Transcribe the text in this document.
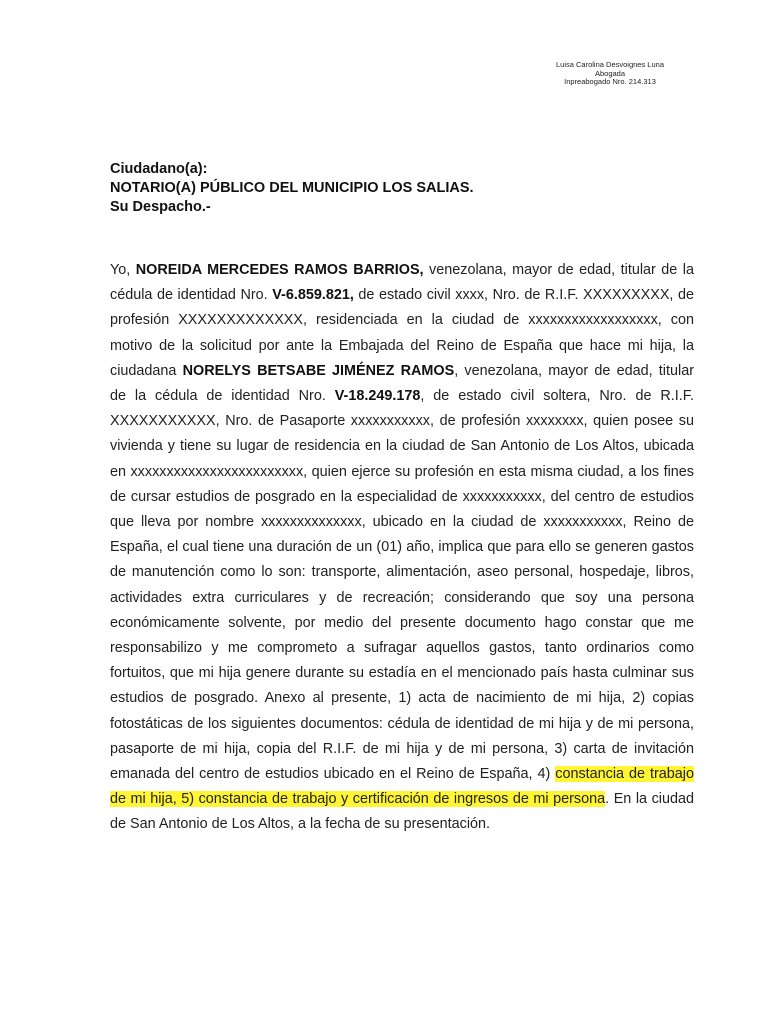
Luisa Carolina Desvoignes Luna
Abogada
Inpreabogado Nro. 214.313
Ciudadano(a):
NOTARIO(A) PÚBLICO DEL MUNICIPIO LOS SALIAS.
Su Despacho.-

Yo, NOREIDA MERCEDES RAMOS BARRIOS, venezolana, mayor de edad, titular de la cédula de identidad Nro. V-6.859.821, de estado civil xxxx, Nro. de R.I.F. XXXXXXXXX, de profesión XXXXXXXXXXXXX, residenciada en la ciudad de xxxxxxxxxxxxxxxxxx, con motivo de la solicitud por ante la Embajada del Reino de España que hace mi hija, la ciudadana NORELYS BETSABE JIMÉNEZ RAMOS, venezolana, mayor de edad, titular de la cédula de identidad Nro. V-18.249.178, de estado civil soltera, Nro. de R.I.F. XXXXXXXXXXX, Nro. de Pasaporte xxxxxxxxxxx, de profesión xxxxxxxx, quien posee su vivienda y tiene su lugar de residencia en la ciudad de San Antonio de Los Altos, ubicada en xxxxxxxxxxxxxxxxxxxxxxxx, quien ejerce su profesión en esta misma ciudad, a los fines de cursar estudios de posgrado en la especialidad de xxxxxxxxxxx, del centro de estudios que lleva por nombre xxxxxxxxxxxxxx, ubicado en la ciudad de xxxxxxxxxxx, Reino de España, el cual tiene una duración de un (01) año, implica que para ello se generen gastos de manutención como lo son: transporte, alimentación, aseo personal, hospedaje, libros, actividades extra curriculares y de recreación; considerando que soy una persona económicamente solvente, por medio del presente documento hago constar que me responsabilizo y me comprometo a sufragar aquellos gastos, tanto ordinarios como fortuitos, que mi hija genere durante su estadía en el mencionado país hasta culminar sus estudios de posgrado. Anexo al presente, 1) acta de nacimiento de mi hija, 2) copias fotostáticas de los siguientes documentos: cédula de identidad de mi hija y de mi persona, pasaporte de mi hija, copia del R.I.F. de mi hija y de mi persona, 3) carta de invitación emanada del centro de estudios ubicado en el Reino de España, 4) constancia de trabajo de mi hija, 5) constancia de trabajo y certificación de ingresos de mi persona. En la ciudad de San Antonio de Los Altos, a la fecha de su presentación.
